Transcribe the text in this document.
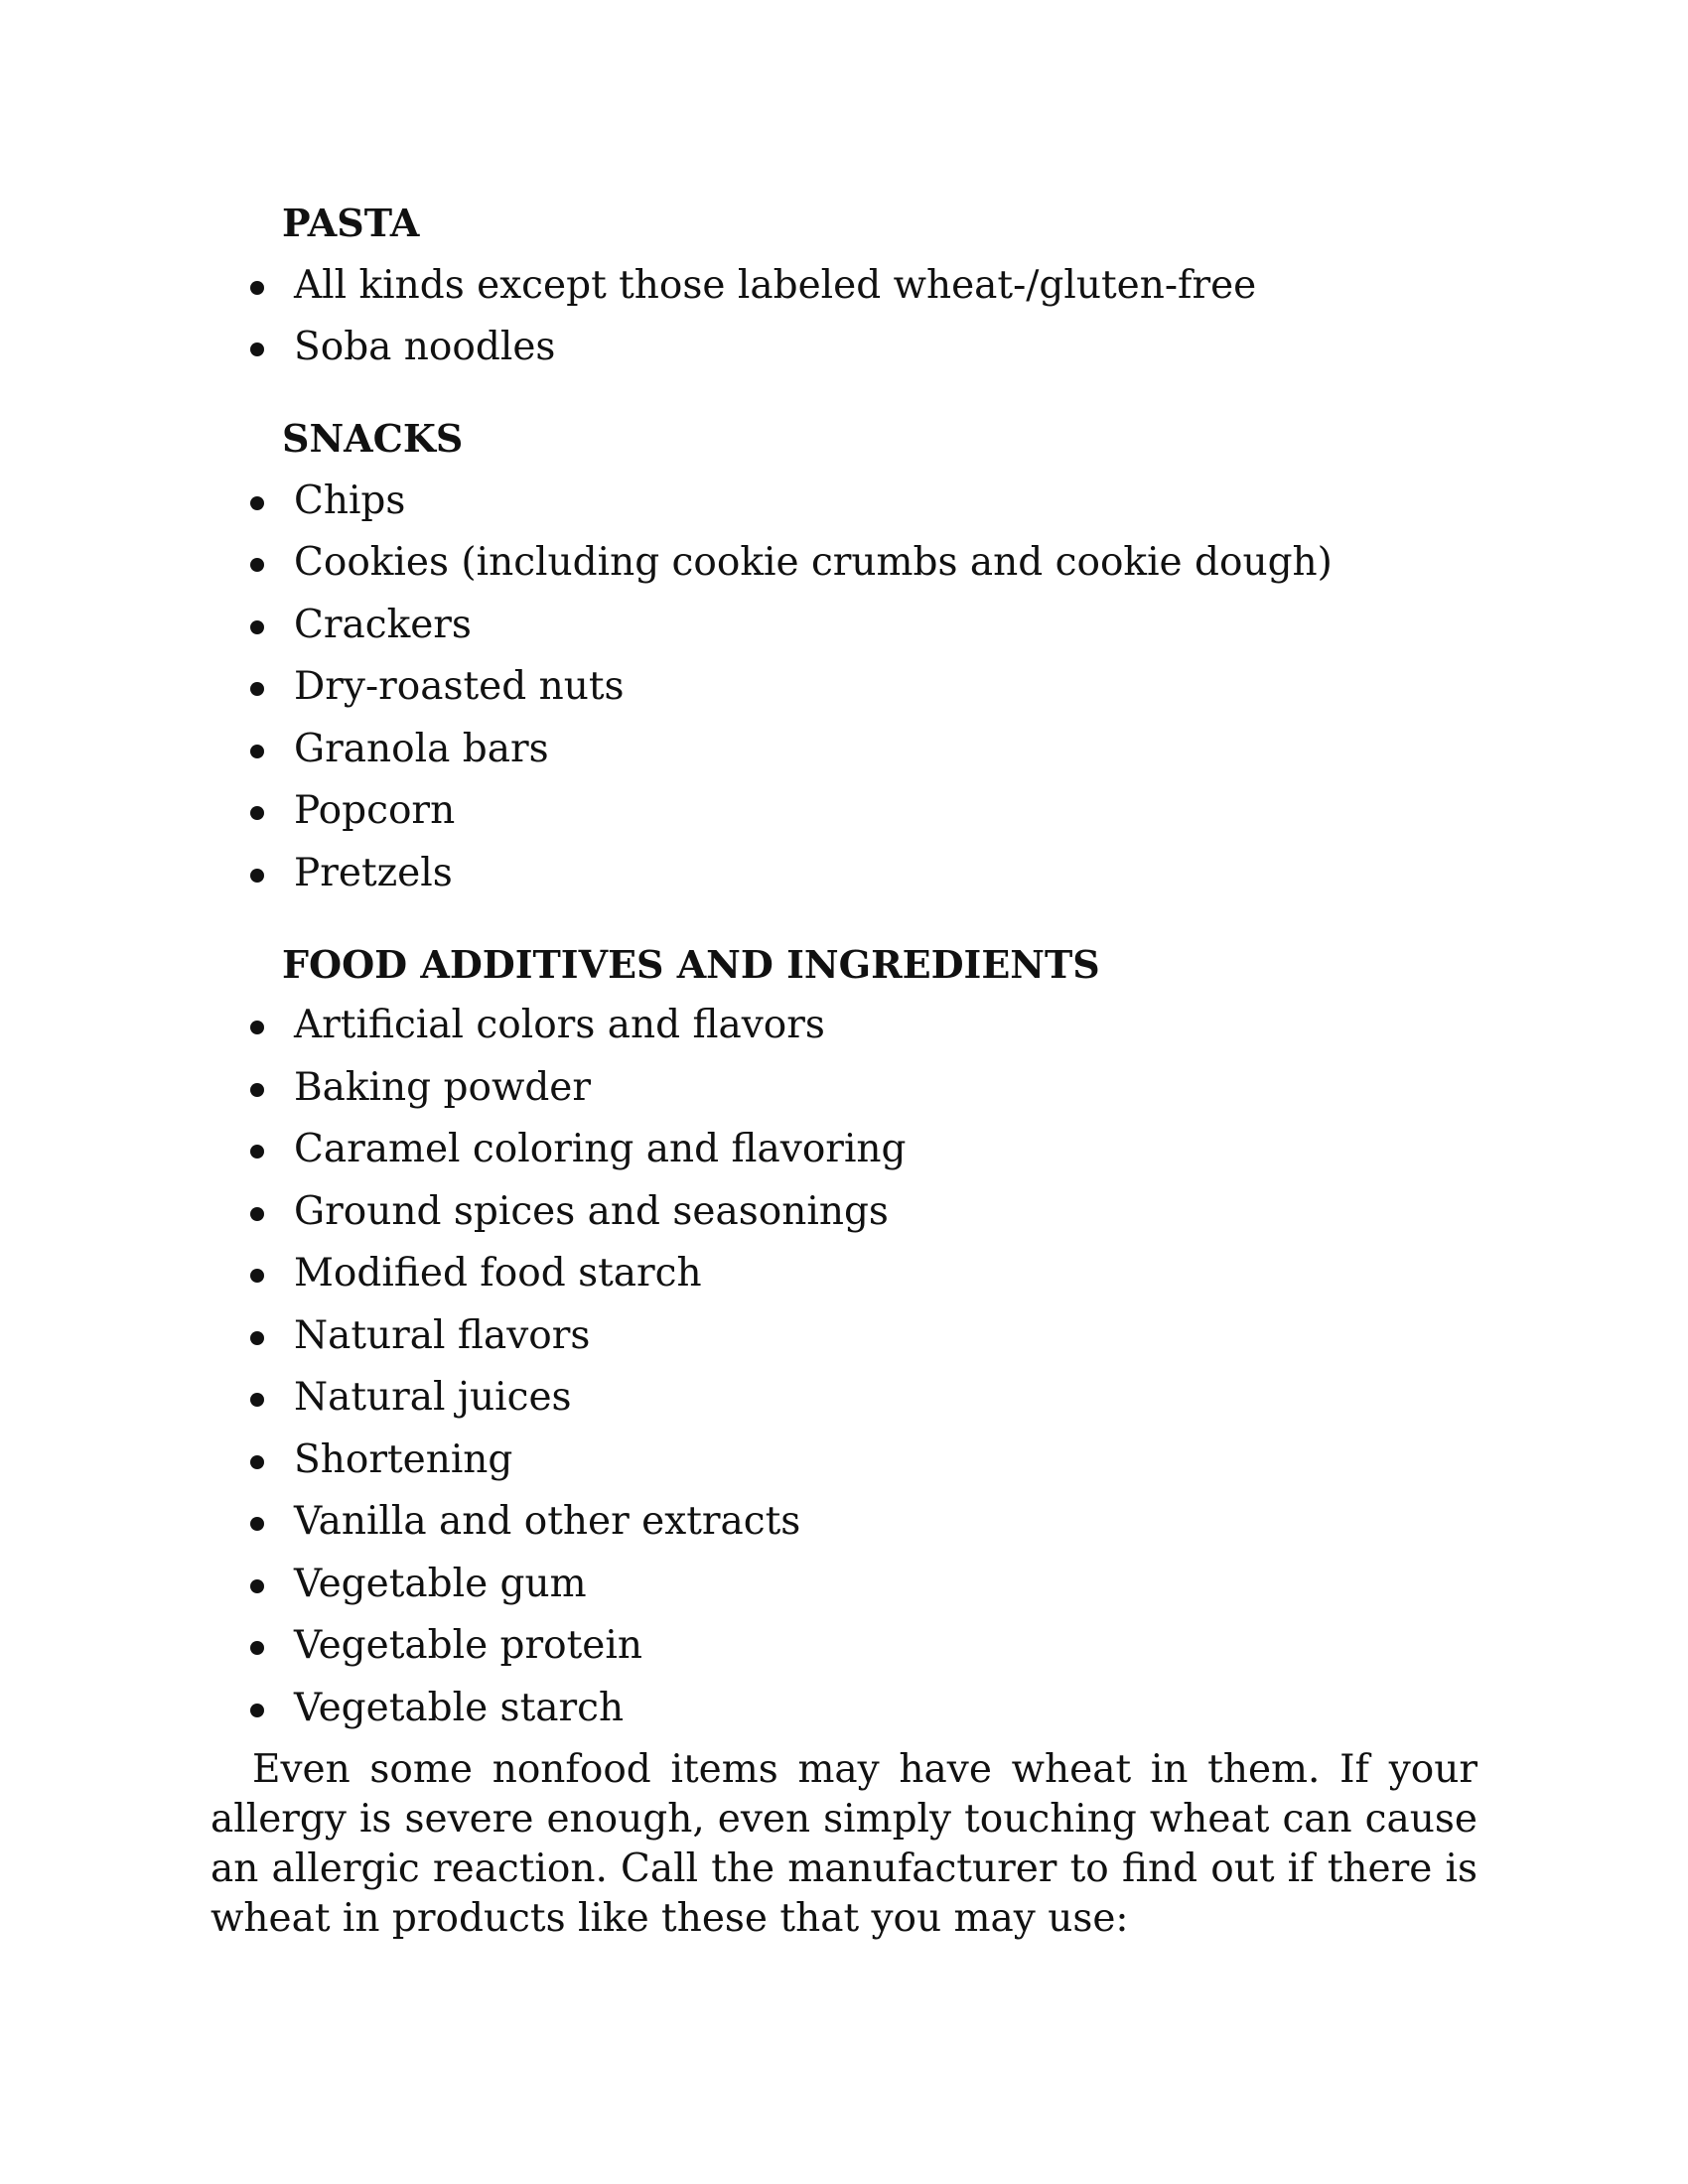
PASTA
All kinds except those labeled wheat-/gluten-free
Soba noodles
SNACKS
Chips
Cookies (including cookie crumbs and cookie dough)
Crackers
Dry-roasted nuts
Granola bars
Popcorn
Pretzels
FOOD ADDITIVES AND INGREDIENTS
Artificial colors and flavors
Baking powder
Caramel coloring and flavoring
Ground spices and seasonings
Modified food starch
Natural flavors
Natural juices
Shortening
Vanilla and other extracts
Vegetable gum
Vegetable protein
Vegetable starch

Even some nonfood items may have wheat in them. If your allergy is severe enough, even simply touching wheat can cause an allergic reaction. Call the manufacturer to find out if there is wheat in products like these that you may use:
